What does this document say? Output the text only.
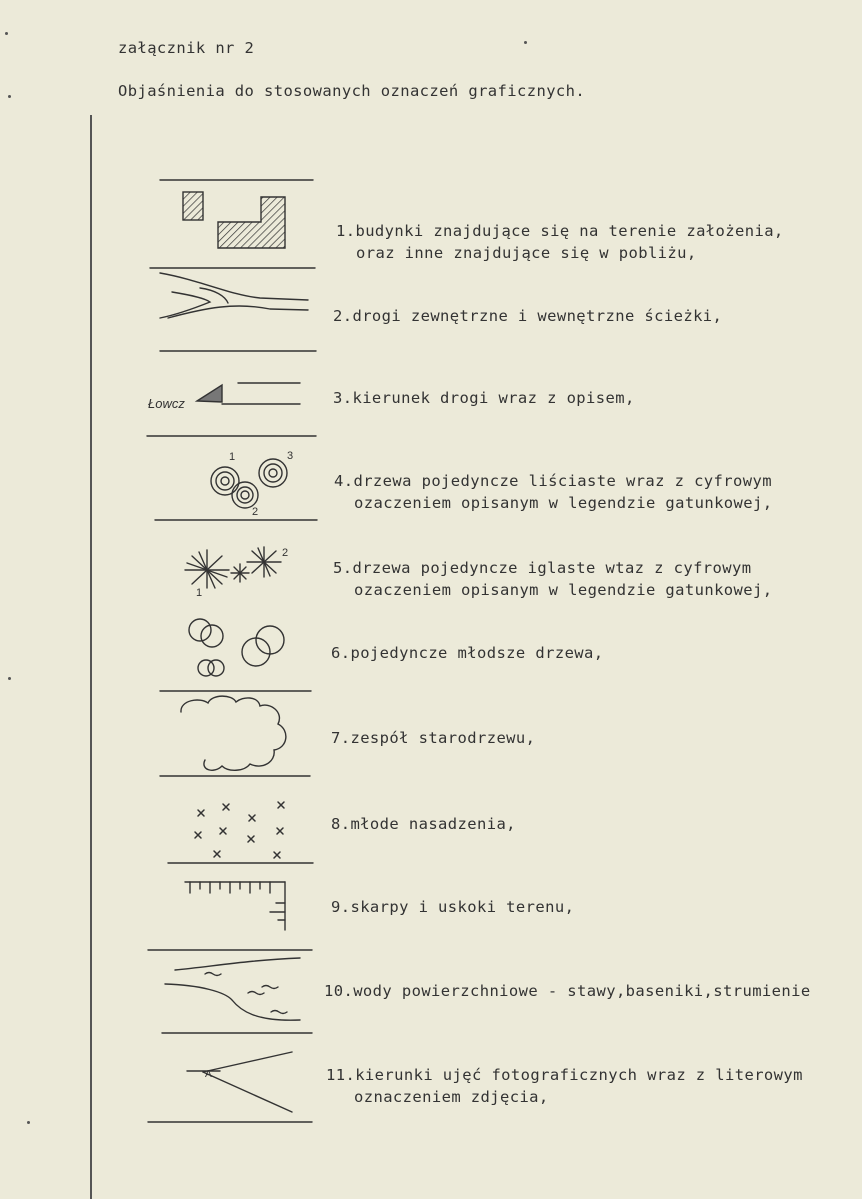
załącznik nr 2
Objaśnienia do stosowanych oznaczeń graficznych.
1.budynki znajdujące się na terenie założenia,
oraz inne znajdujące się w pobliżu,
2.drogi zewnętrzne i wewnętrzne ścieżki,
3.kierunek drogi wraz z opisem,
4.drzewa pojedyncze liściaste wraz z cyfrowym
ozaczeniem opisanym w legendzie gatunkowej,
5.drzewa pojedyncze iglaste wtaz z cyfrowym
ozaczeniem opisanym w legendzie gatunkowej,
6.pojedyncze młodsze drzewa,
7.zespół starodrzewu,
8.młode nasadzenia,
9.skarpy i uskoki terenu,
10.wody powierzchniowe - stawy,baseniki,strumienie
11.kierunki ujęć fotograficznych wraz z literowym
oznaczeniem zdjęcia,
Łowcz
1	3
2
1
2
A
